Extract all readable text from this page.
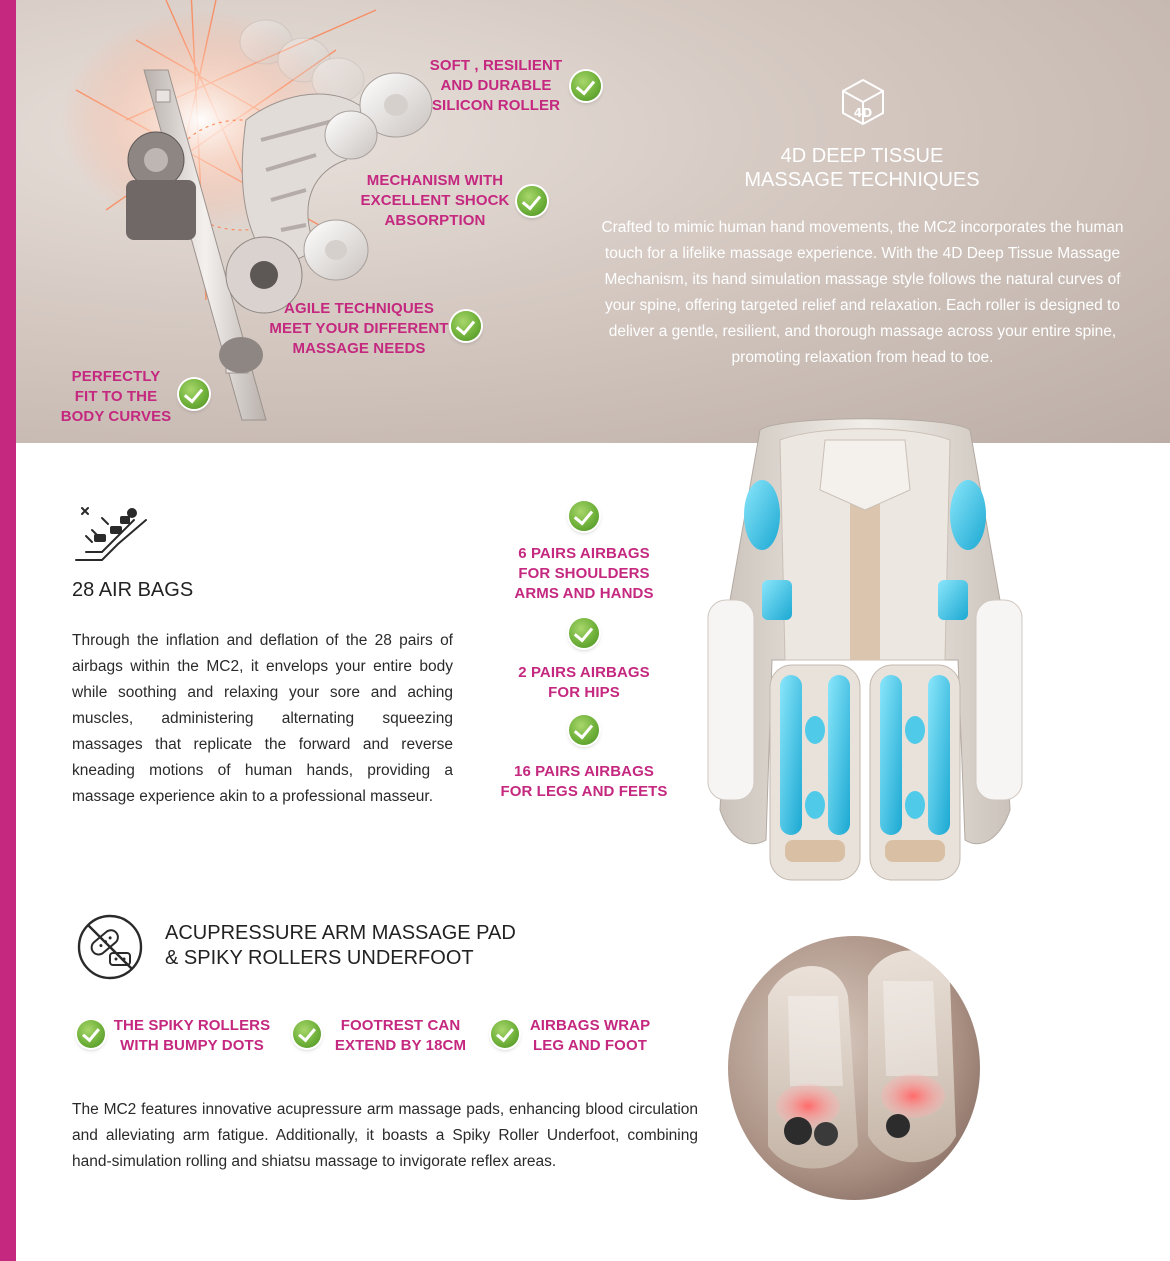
SOFT , RESILIENT
AND DURABLE
SILICON ROLLER
MECHANISM WITH
EXCELLENT SHOCK
ABSORPTION
AGILE TECHNIQUES
MEET YOUR DIFFERENT
MASSAGE NEEDS
PERFECTLY
FIT TO THE
BODY CURVES
4D
4D DEEP TISSUE
MASSAGE TECHNIQUES
Crafted to mimic human hand movements, the MC2 incorporates the human touch for a lifelike massage experience. With the 4D Deep Tissue Massage Mechanism, its hand simulation massage style follows the natural curves of your spine, offering targeted relief and relaxation. Each roller is designed to deliver a gentle, resilient, and thorough massage across your entire spine, promoting relaxation from head to toe.
28 AIR BAGS
Through the inflation and deflation of the 28 pairs of airbags within the MC2, it envelops your entire body while soothing and relaxing your sore and aching muscles, administering alternating squeezing massages that replicate the forward and reverse kneading motions of human hands, providing a massage experience akin to a professional masseur.
6 PAIRS AIRBAGS
FOR SHOULDERS
ARMS AND HANDS
2 PAIRS AIRBAGS
FOR HIPS
16 PAIRS AIRBAGS
FOR LEGS AND FEETS
ACUPRESSURE ARM MASSAGE PAD
& SPIKY ROLLERS UNDERFOOT
THE SPIKY ROLLERS
WITH BUMPY DOTS
FOOTREST CAN
EXTEND BY 18CM
AIRBAGS WRAP
LEG AND FOOT
The MC2 features innovative acupressure arm massage pads, enhancing blood circulation and alleviating arm fatigue. Additionally, it boasts a Spiky Roller Underfoot, combining hand-simulation rolling and shiatsu massage to invigorate reflex areas.
